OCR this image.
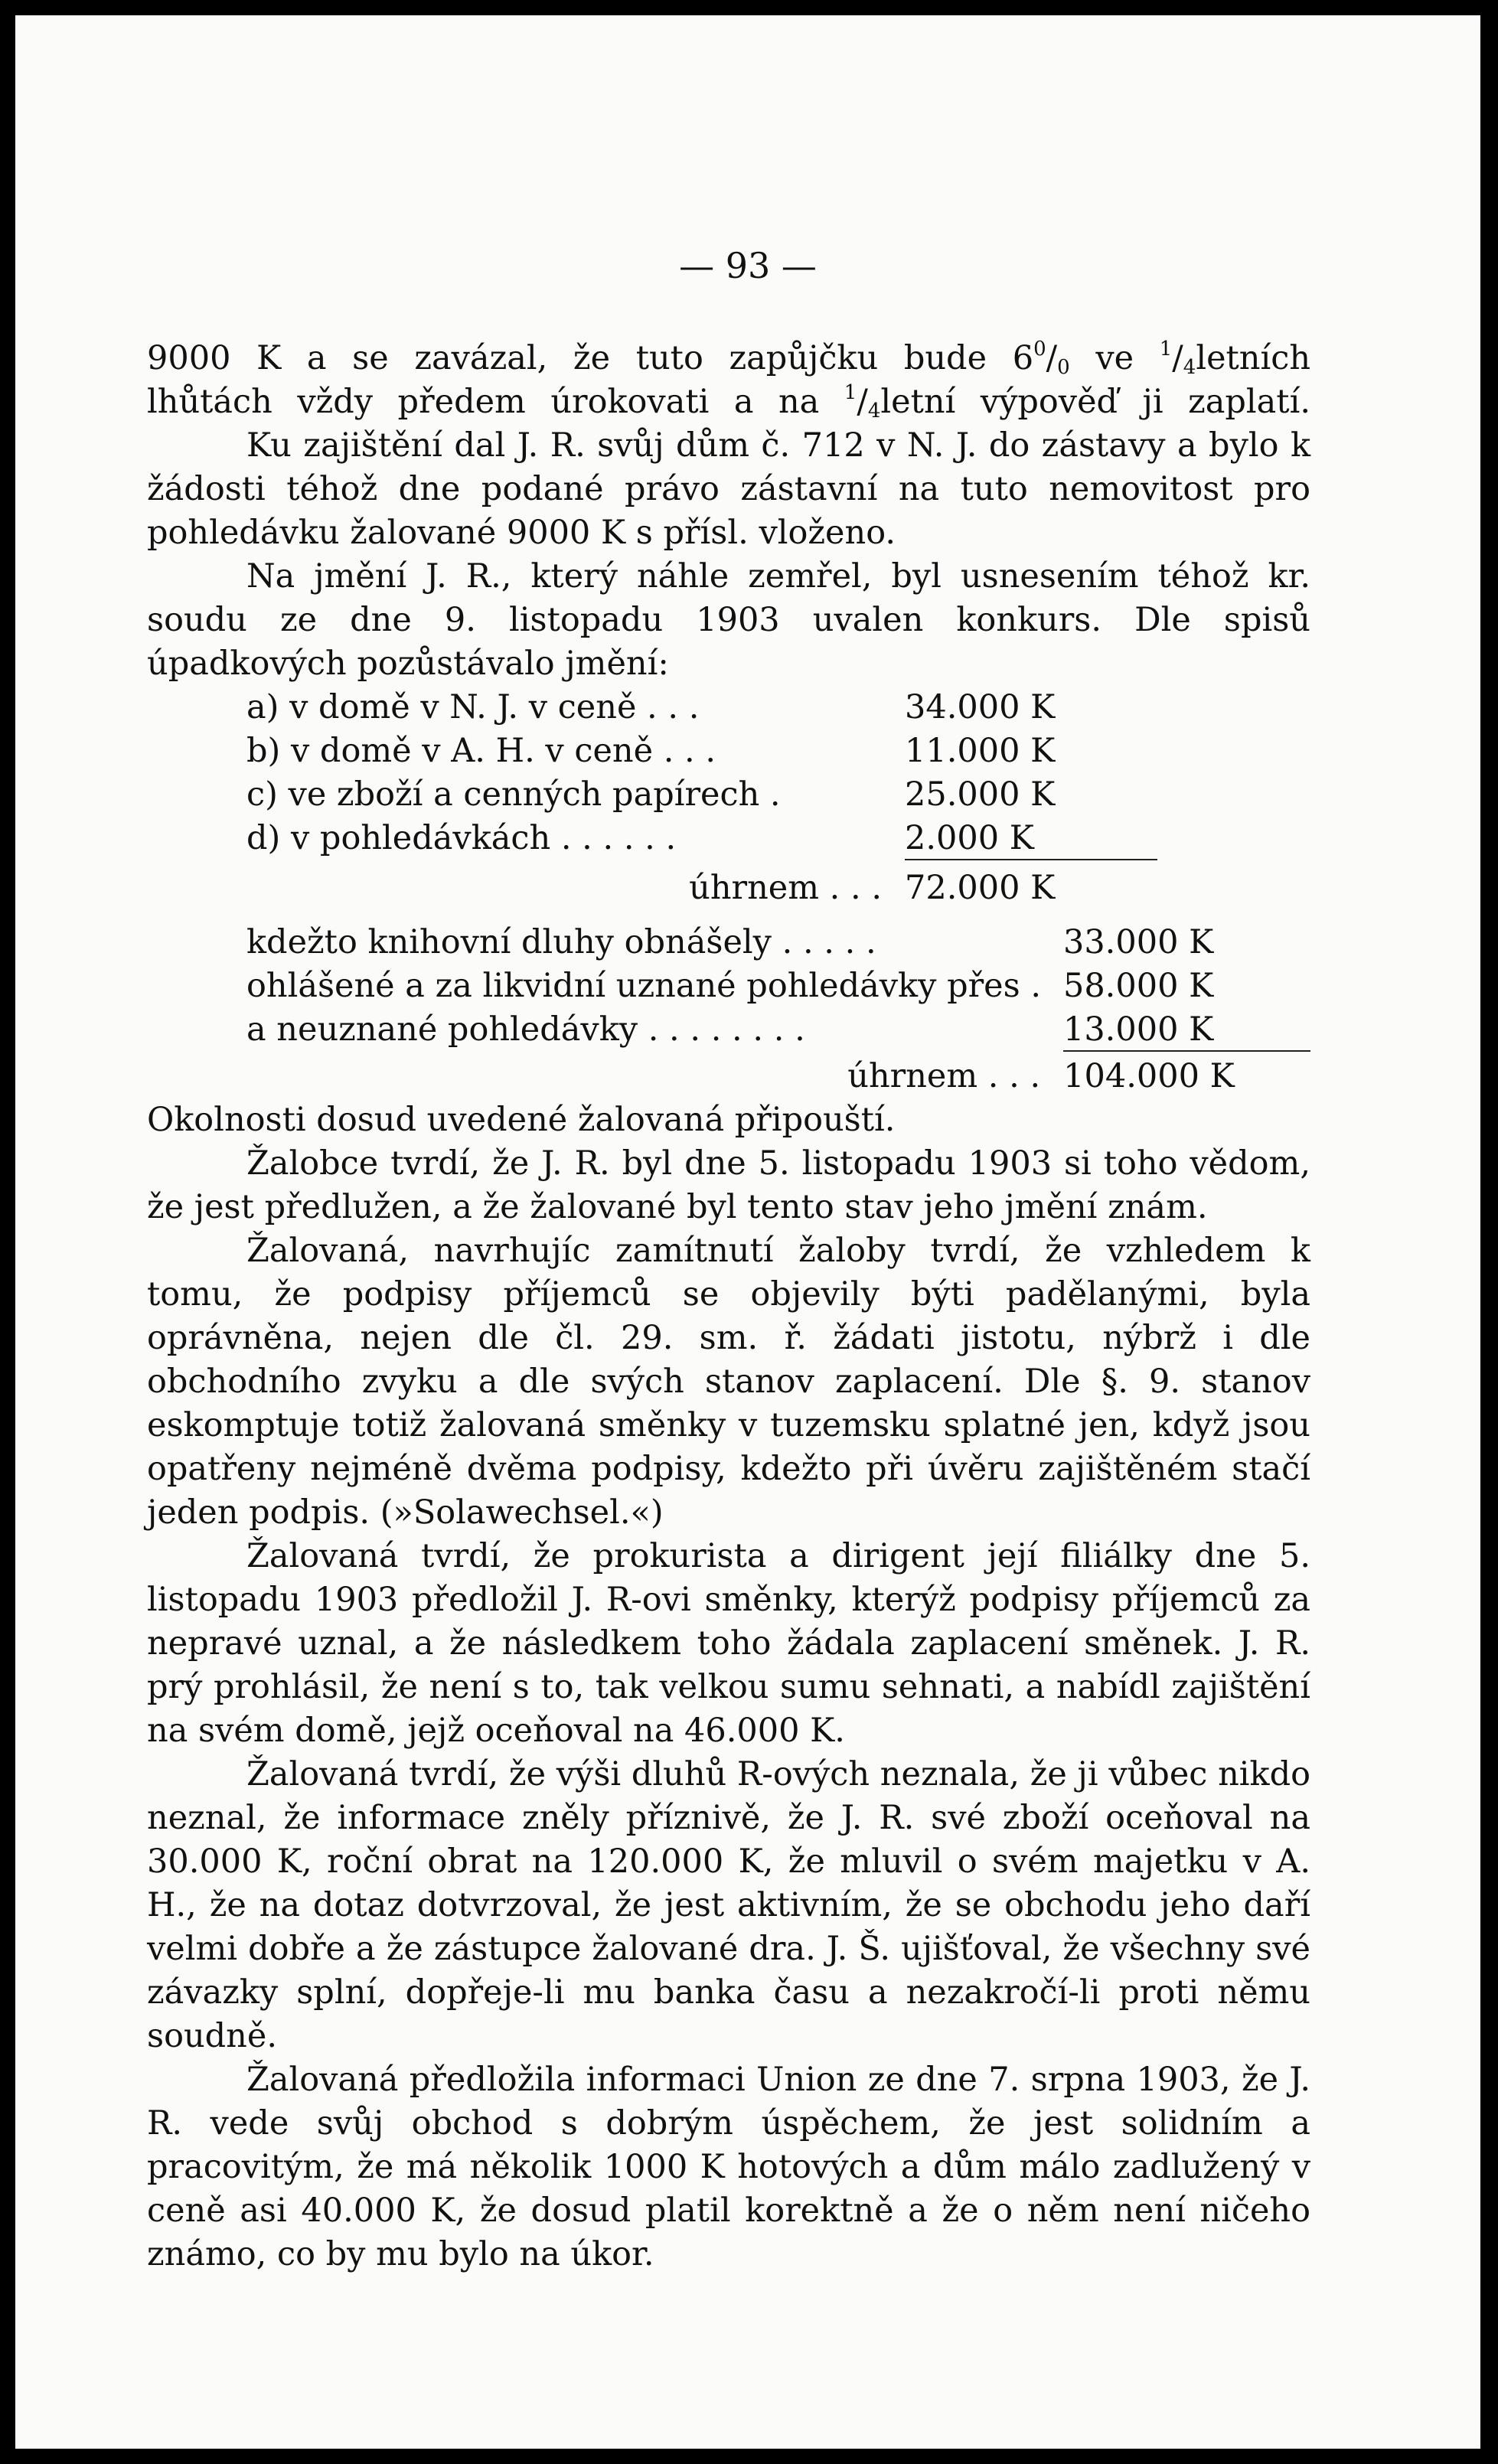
— 93 —
9000 K a se zavázal, že tuto zapůjčku bude $6^0/_0$ ve $^1/_4letních$
lhůtách vždy předem úrokovati a na $^1/_4letní$ výpověď ji zaplatí.

Ku zajištění dal J. R. svůj dům č. 712 v N. J. do zástavy a bylo k žádosti téhož dne podané právo zástavní na tuto nemovitost pro pohledávku žalované 9000 K s přísl. vloženo.

Na jmění J. R., který náhle zemřel, byl usnesením téhož kr. soudu ze dne 9. listopadu 1903 uvalen konkurs. Dle spisů úpadkových pozůstávalo jmění:

a) v domě v N. J. v ceně . . .	34.000 K
b) v domě v A. H. v ceně . . .	11.000 K
c) ve zboží a cenných papírech .	25.000 K
d) v pohledávkách . . . . . .	2.000 K
úhrnem . . . 72.000 K
kdežto knihovní dluhy obnášely . . . . .	33.000 K
ohlášené a za likvidní uznané pohledávky přes . 58.000 K
a neuznané pohledávky . . . . . . . .	13.000 K
úhrnem . . . 104.000 K

Okolnosti dosud uvedené žalovaná připouští.

Žalobce tvrdí, že J. R. byl dne 5. listopadu 1903 si toho vědom, že jest předlužen, a že žalované byl tento stav jeho jmění znám.

Žalovaná, navrhujíc zamítnutí žaloby tvrdí, že vzhledem k tomu, že podpisy příjemců se objevily býti padělanými, byla oprávněna, nejen dle čl. 29. sm. ř. žádati jistotu, nýbrž i dle obchodního zvyku a dle svých stanov zaplacení. Dle §. 9. stanov eskomptuje totiž žalovaná směnky v tuzemsku splatné jen, když jsou opatřeny nejméně dvěma podpisy, kdežto při úvěru zajištěném stačí jeden podpis. (»Solawechsel.«)

Žalovaná tvrdí, že prokurista a dirigent její filiálky dne 5. listopadu 1903 předložil J. R-ovi směnky, kterýž podpisy příjemců za nepravé uznal, a že následkem toho žádala zaplacení směnek. J. R. prý prohlásil, že není s to, tak velkou sumu sehnati, a nabídl zajištění na svém domě, jejž oceňoval na 46.000 K.

Žalovaná tvrdí, že výši dluhů R-ových neznala, že ji vůbec nikdo neznal, že informace zněly příznivě, že J. R. své zboží oceňoval na 30.000 K, roční obrat na 120.000 K, že mluvil o svém majetku v A. H., že na dotaz dotvrzoval, že jest aktivním, že se obchodu jeho daří velmi dobře a že zástupce žalované dra. J. Š. ujišťoval, že všechny své závazky splní, dopřeje-li mu banka času a nezakročí-li proti němu soudně.

Žalovaná předložila informaci Union ze dne 7. srpna 1903, že J. R. vede svůj obchod s dobrým úspěchem, že jest solidním a pracovitým, že má několik 1000 K hotových a dům málo zadlužený v ceně asi 40.000 K, že dosud platil korektně a že o něm není ničeho známo, co by mu bylo na úkor.
